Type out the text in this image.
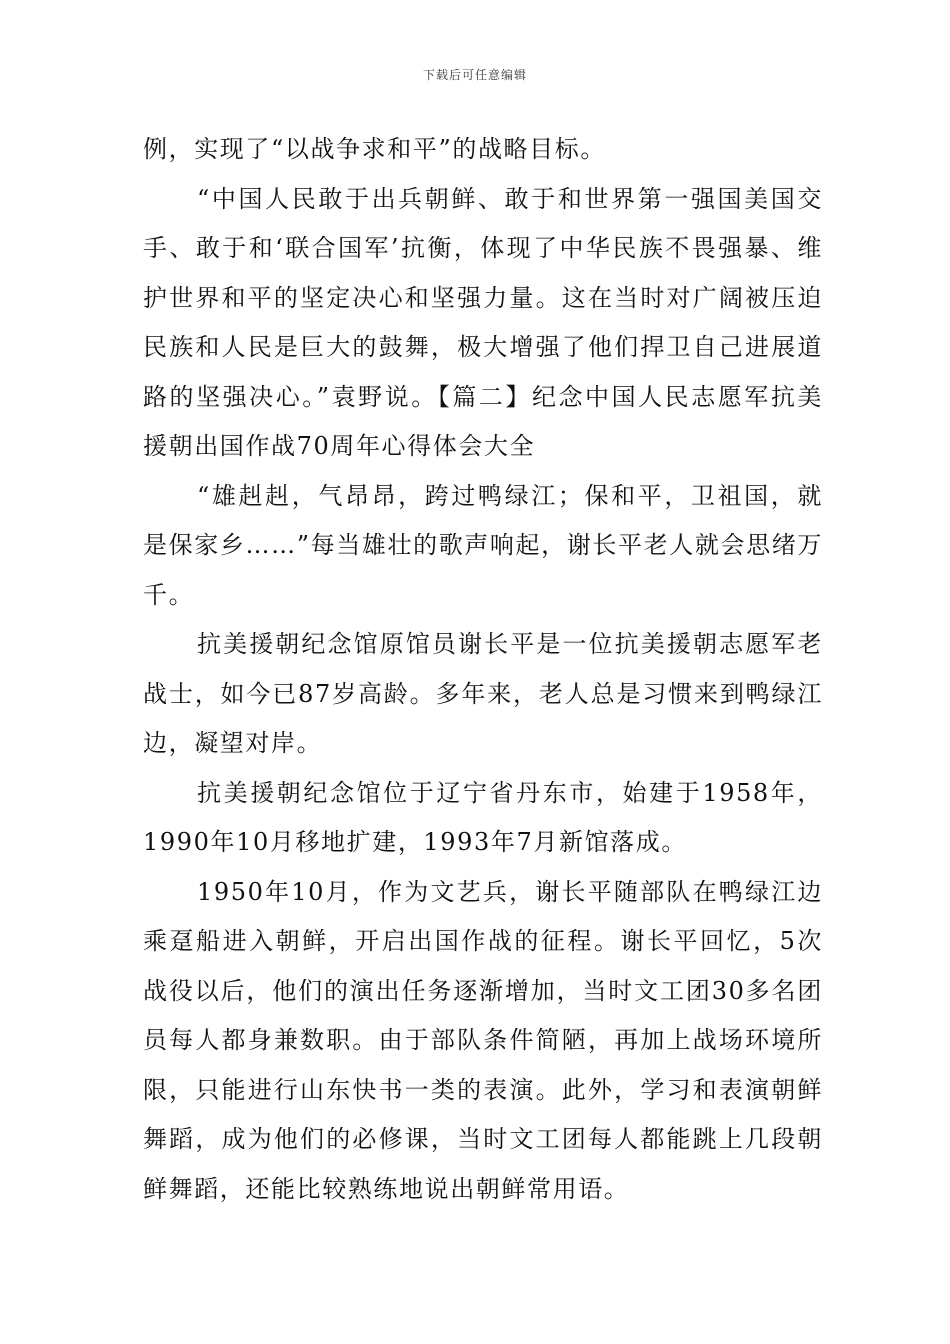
下载后可任意编辑

例，实现了“以战争求和平”的战略目标。

“中国人民敢于出兵朝鲜、敢于和世界第一强国美国交手、敢于和‘联合国军’抗衡，体现了中华民族不畏强暴、维护世界和平的坚定决心和坚强力量。这在当时对广阔被压迫民族和人民是巨大的鼓舞，极大增强了他们捍卫自己进展道路的坚强决心。”袁野说。【篇二】纪念中国人民志愿军抗美援朝出国作战70周年心得体会大全

“雄赳赳，气昂昂，跨过鸭绿江；保和平，卫祖国，就是保家乡……”每当雄壮的歌声响起，谢长平老人就会思绪万千。

抗美援朝纪念馆原馆员谢长平是一位抗美援朝志愿军老战士，如今已87岁高龄。多年来，老人总是习惯来到鸭绿江边，凝望对岸。

抗美援朝纪念馆位于辽宁省丹东市，始建于1958年，1990年10月移地扩建，1993年7月新馆落成。

1950年10月，作为文艺兵，谢长平随部队在鸭绿江边乘趸船进入朝鲜，开启出国作战的征程。谢长平回忆，5次战役以后，他们的演出任务逐渐增加，当时文工团30多名团员每人都身兼数职。由于部队条件简陋，再加上战场环境所限，只能进行山东快书一类的表演。此外，学习和表演朝鲜舞蹈，成为他们的必修课，当时文工团每人都能跳上几段朝鲜舞蹈，还能比较熟练地说出朝鲜常用语。
